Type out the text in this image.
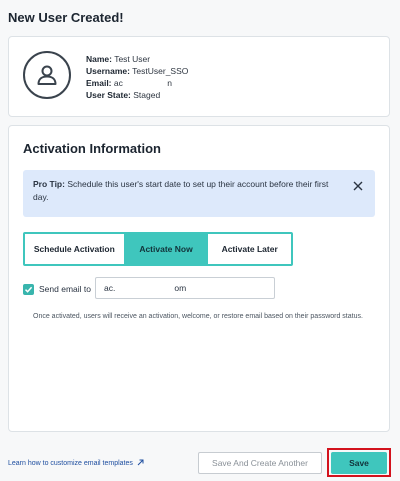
New User Created!
Name: Test User
Username: TestUser_SSO
Email: ac	n
User State: Staged
Activation Information
Pro Tip: Schedule this user's start date to set up their account before their first day.
Schedule Activation	Activate Now	Activate Later
Send email to
ac. om
Once activated, users will receive an activation, welcome, or restore email based on their password status.
Learn how to customize email templates	Save And Create Another	Save
